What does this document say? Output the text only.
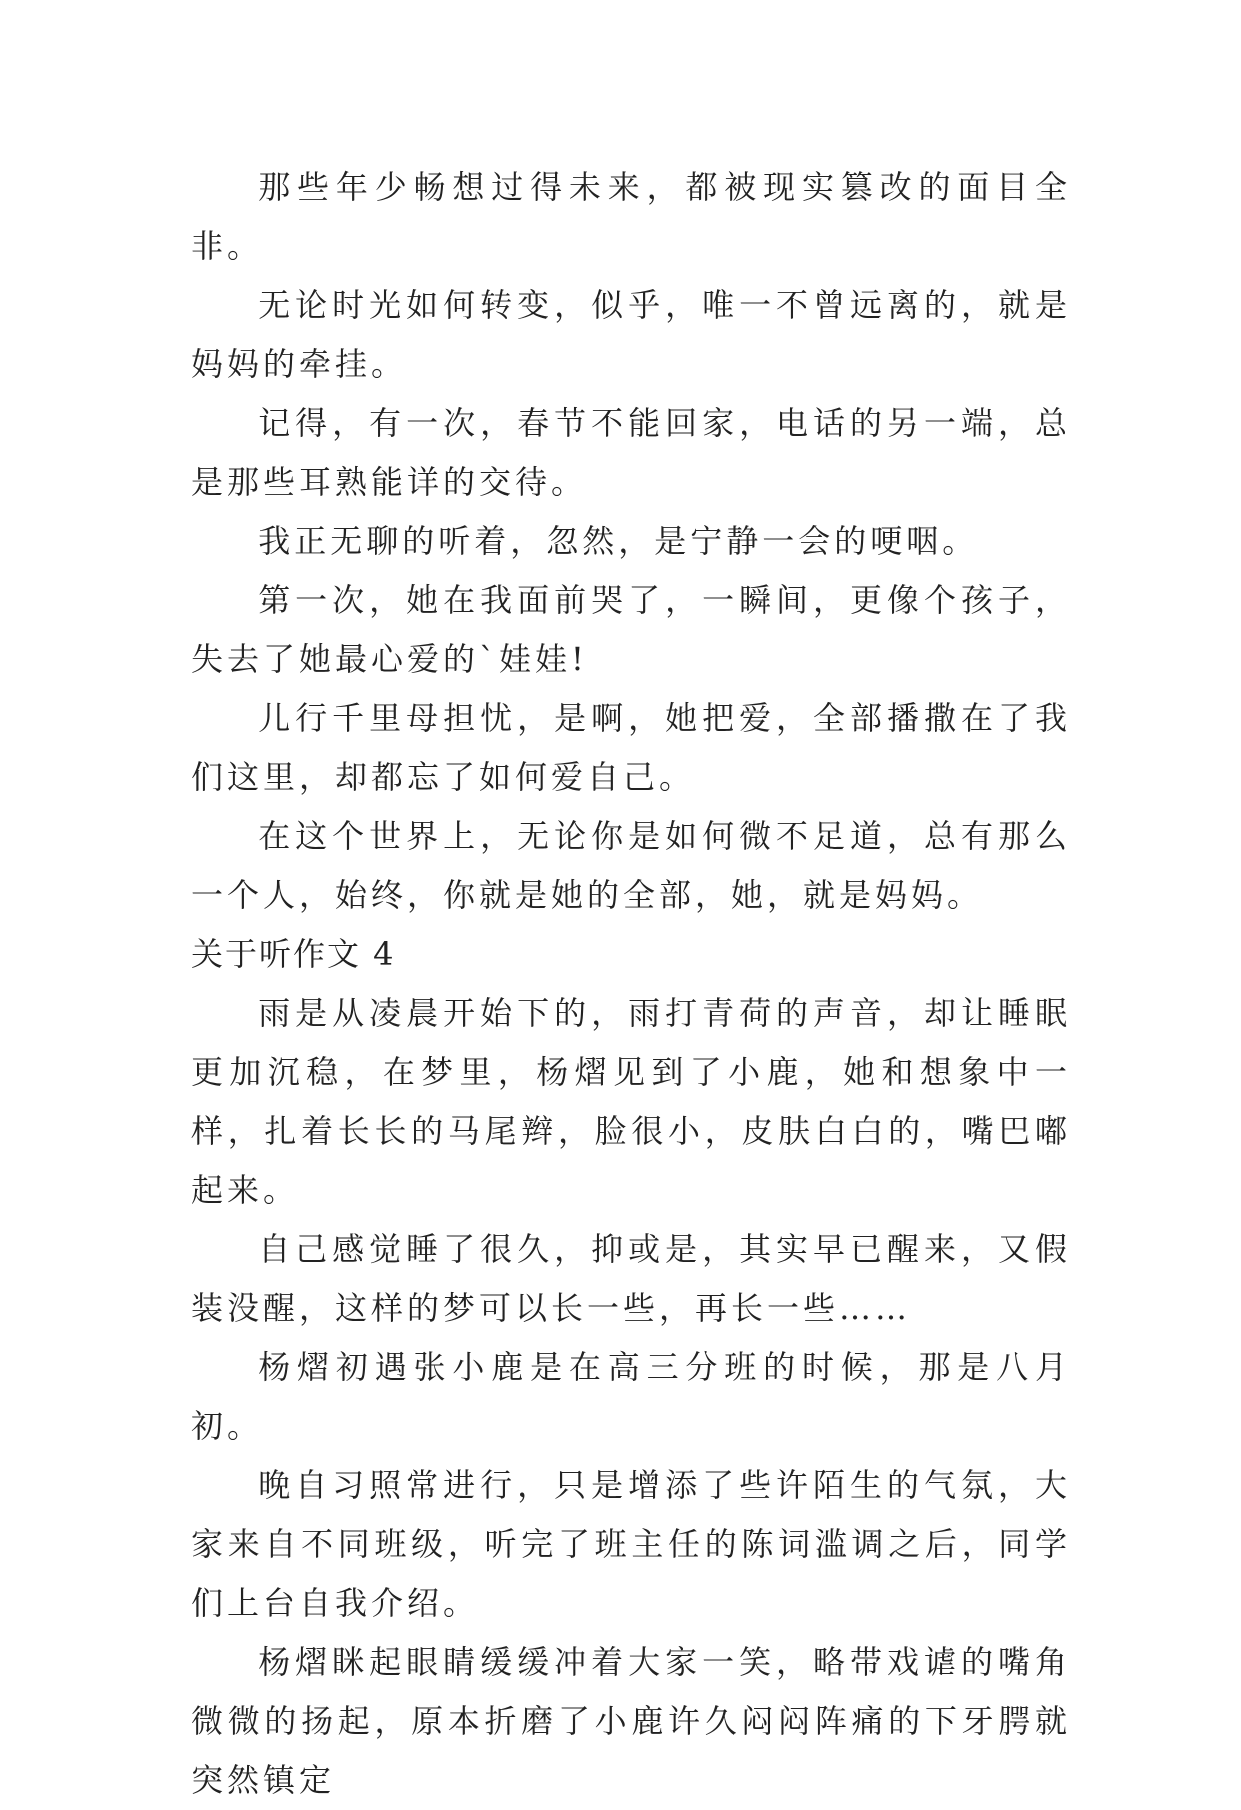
那些年少畅想过得未来，都被现实篡改的面目全非。

无论时光如何转变，似乎，唯一不曾远离的，就是妈妈的牵挂。

记得，有一次，春节不能回家，电话的另一端，总是那些耳熟能详的交待。

我正无聊的听着，忽然，是宁静一会的哽咽。

第一次，她在我面前哭了，一瞬间，更像个孩子，失去了她最心爱的`娃娃!

儿行千里母担忧，是啊，她把爱，全部播撒在了我们这里，却都忘了如何爱自己。

在这个世界上，无论你是如何微不足道，总有那么一个人，始终，你就是她的全部，她，就是妈妈。

关于听作文 4

雨是从凌晨开始下的，雨打青荷的声音，却让睡眠更加沉稳，在梦里，杨熠见到了小鹿，她和想象中一样，扎着长长的马尾辫，脸很小，皮肤白白的，嘴巴嘟起来。

自己感觉睡了很久，抑或是，其实早已醒来，又假装没醒，这样的梦可以长一些，再长一些……

杨熠初遇张小鹿是在高三分班的时候，那是八月初。

晚自习照常进行，只是增添了些许陌生的气氛，大家来自不同班级，听完了班主任的陈词滥调之后，同学们上台自我介绍。

杨熠眯起眼睛缓缓冲着大家一笑，略带戏谑的嘴角微微的扬起，原本折磨了小鹿许久闷闷阵痛的下牙腭就突然镇定
